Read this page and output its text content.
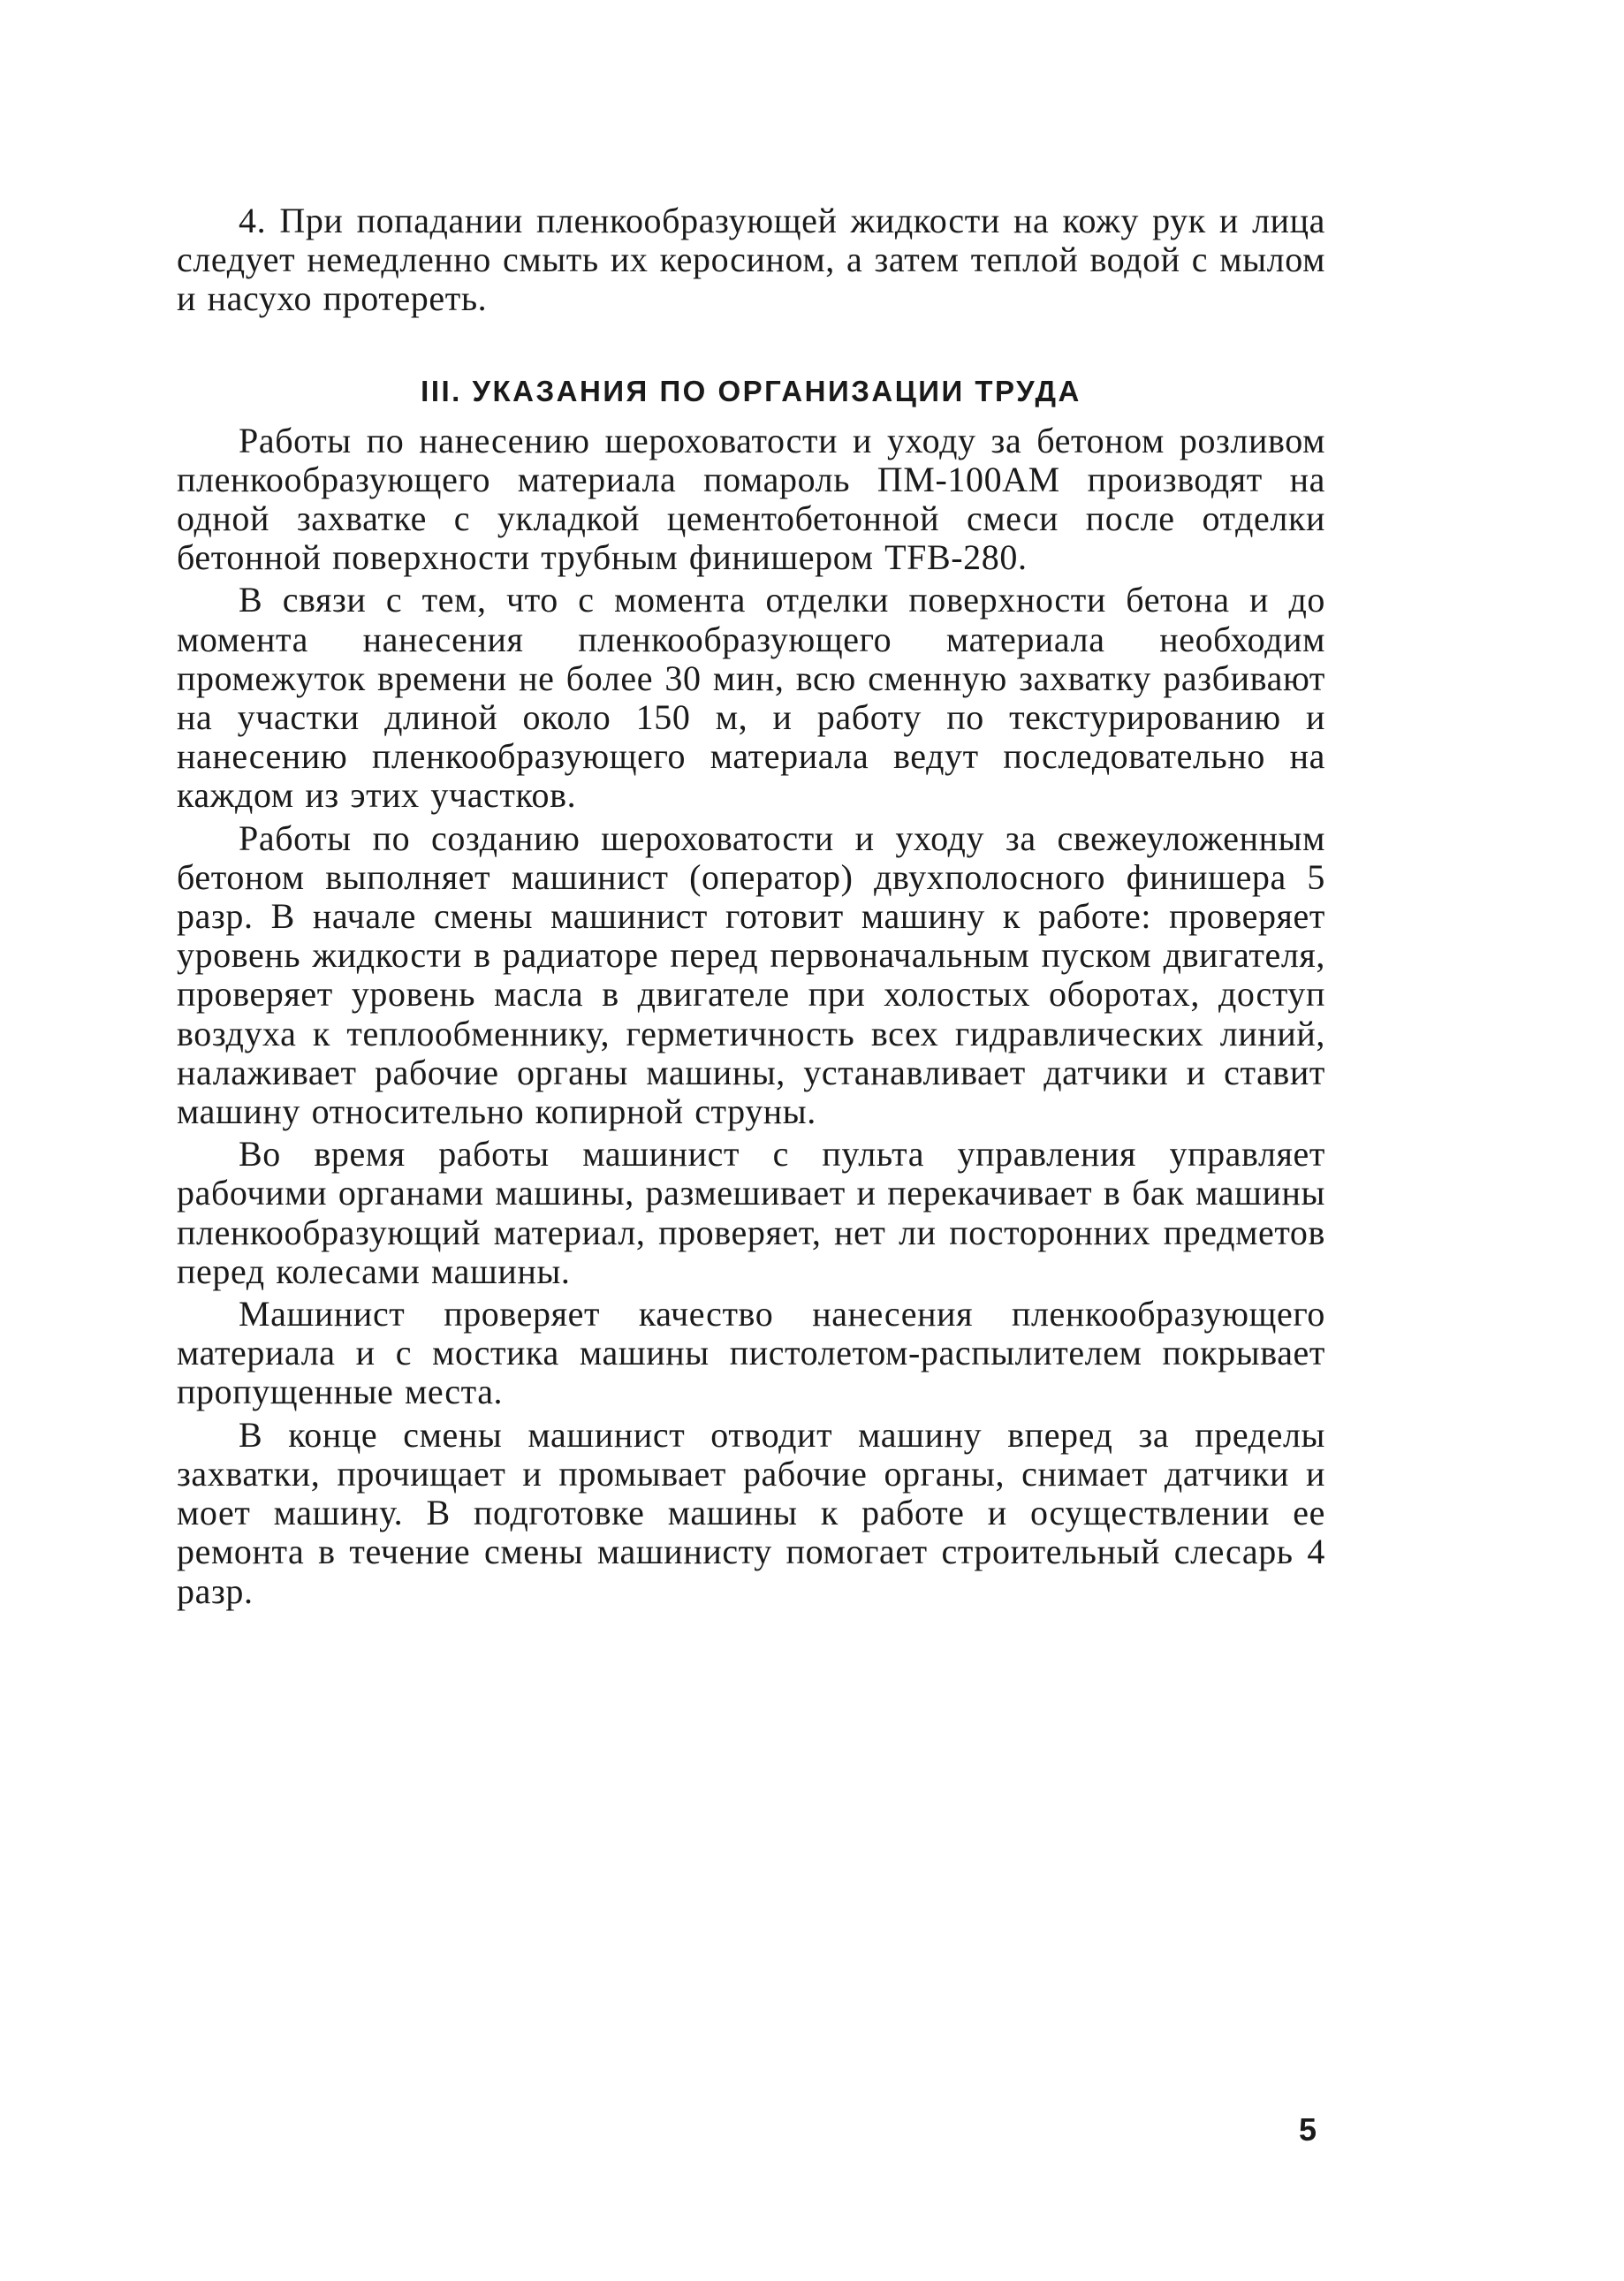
4. При попадании пленкообразующей жидкости на кожу рук и лица следует немедленно смыть их керосином, а затем теплой водой с мылом и насухо протереть.

III. УКАЗАНИЯ ПО ОРГАНИЗАЦИИ ТРУДА

Работы по нанесению шероховатости и уходу за бетоном розливом пленкообразующего материала помароль ПМ-100АМ производят на одной захватке с укладкой цементобетонной смеси после отделки бетонной поверхности трубным финишером TFB-280.

В связи с тем, что с момента отделки поверхности бетона и до момента нанесения пленкообразующего материала необходим промежуток времени не более 30 мин, всю сменную захватку разбивают на участки длиной около 150 м, и работу по текстурированию и нанесению пленкообразующего материала ведут последовательно на каждом из этих участков.

Работы по созданию шероховатости и уходу за свежеуложенным бетоном выполняет машинист (оператор) двухполосного финишера 5 разр. В начале смены машинист готовит машину к работе: проверяет уровень жидкости в радиаторе перед первоначальным пуском двигателя, проверяет уровень масла в двигателе при холостых оборотах, доступ воздуха к теплообменнику, герметичность всех гидравлических линий, налаживает рабочие органы машины, устанавливает датчики и ставит машину относительно копирной струны.

Во время работы машинист с пульта управления управляет рабочими органами машины, размешивает и перекачивает в бак машины пленкообразующий материал, проверяет, нет ли посторонних предметов перед колесами машины.

Машинист проверяет качество нанесения пленкообразующего материала и с мостика машины пистолетом-распылителем покрывает пропущенные места.

В конце смены машинист отводит машину вперед за пределы захватки, прочищает и промывает рабочие органы, снимает датчики и моет машину. В подготовке машины к работе и осуществлении ее ремонта в течение смены машинисту помогает строительный слесарь 4 разр.

5
